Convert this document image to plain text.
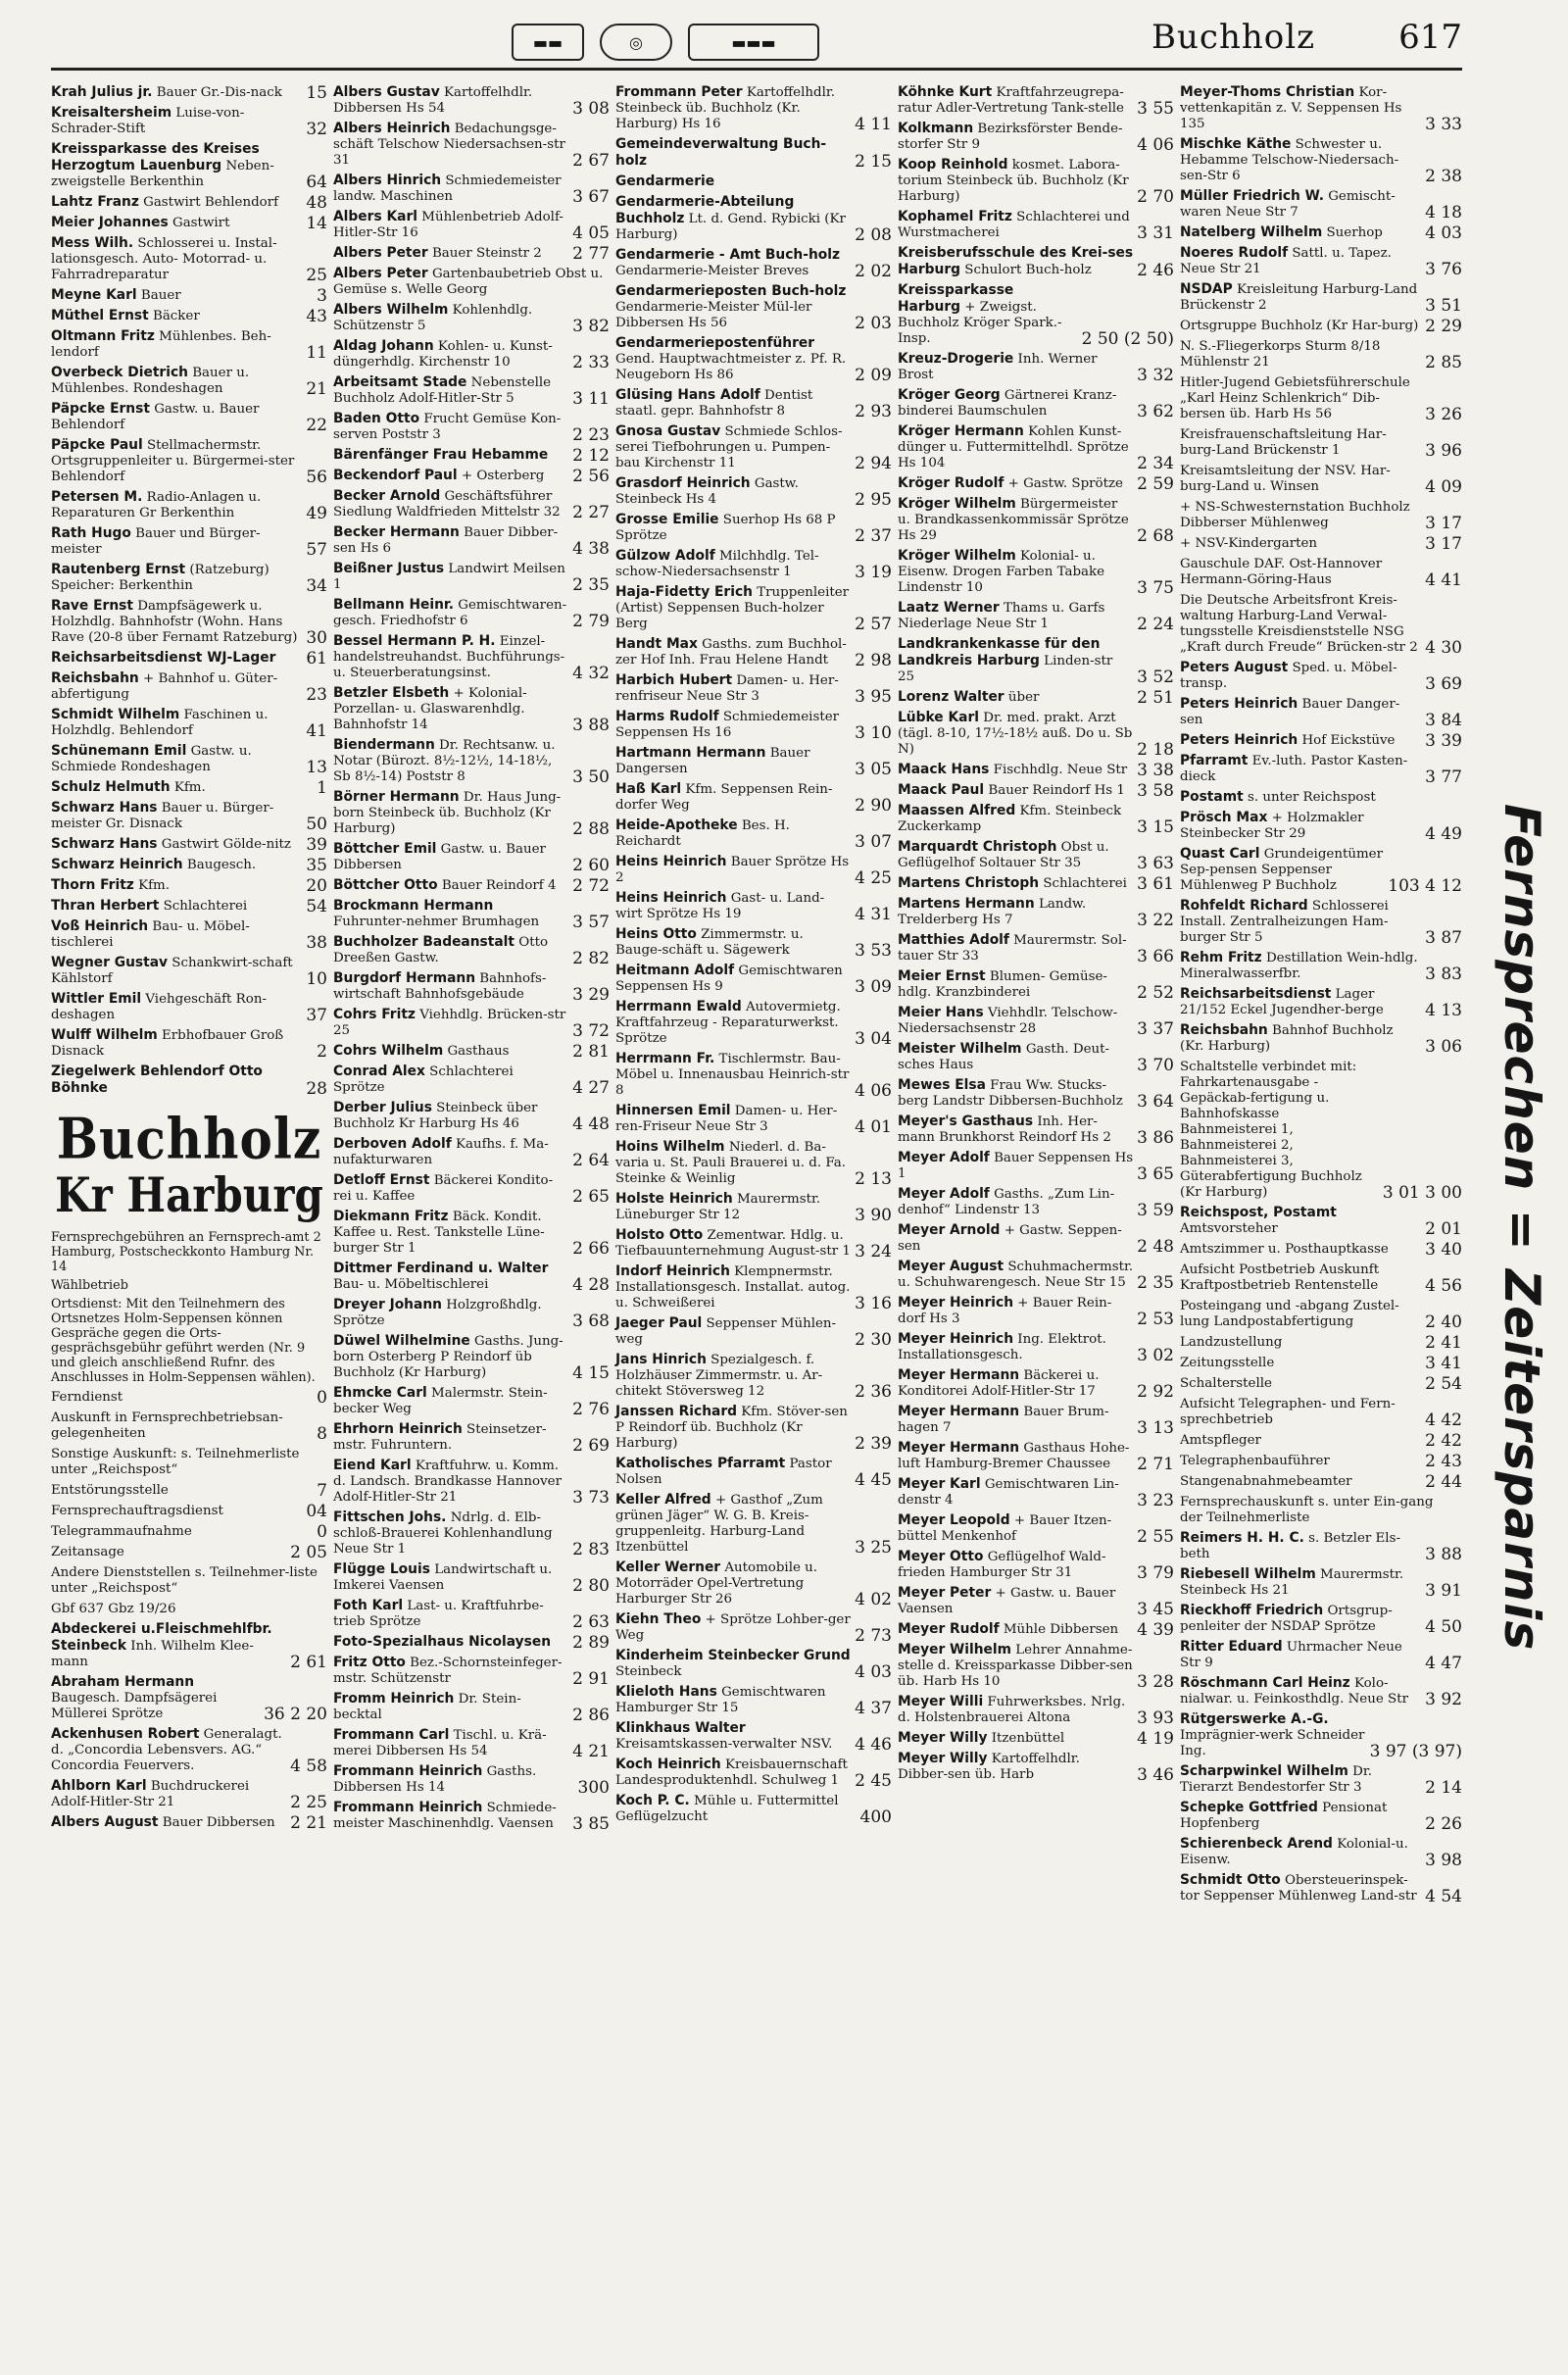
▬▬	◎	▬▬▬	Buchholz	617
Krah Julius jr. Bauer Gr.-Dis-nack	15
Kreisaltersheim Luise-von-Schrader-Stift	32
Kreissparkasse des Kreises Herzogtum Lauenburg Neben-zweigstelle Berkenthin	64
Lahtz Franz Gastwirt Behlendorf	48
Meier Johannes Gastwirt	14
Mess Wilh. Schlosserei u. Instal-lationsgesch. Auto- Motorrad- u. Fahrradreparatur	25
Meyne Karl Bauer	3
Müthel Ernst Bäcker	43
Oltmann Fritz Mühlenbes. Beh-lendorf	11
Overbeck Dietrich Bauer u. Mühlenbes. Rondeshagen	21
Päpcke Ernst Gastw. u. Bauer Behlendorf	22
Päpcke Paul Stellmachermstr. Ortsgruppenleiter u. Bürgermei-ster Behlendorf	56
Petersen M. Radio-Anlagen u. Reparaturen Gr Berkenthin	49
Rath Hugo Bauer und Bürger-meister	57
Rautenberg Ernst (Ratzeburg) Speicher: Berkenthin	34
Rave Ernst Dampfsägewerk u. Holzhdlg. Bahnhofstr (Wohn. Hans Rave (20-8 über Fernamt Ratzeburg) 30
Reichsarbeitsdienst WJ-Lager	61
Reichsbahn + Bahnhof u. Güter-abfertigung	23
Schmidt Wilhelm Faschinen u. Holzhdlg. Behlendorf	41
Schünemann Emil Gastw. u. Schmiede Rondeshagen	13
Schulz Helmuth Kfm.	1
Schwarz Hans Bauer u. Bürger-meister Gr. Disnack	50
Schwarz Hans Gastwirt Gölde-nitz 39
Schwarz Heinrich Baugesch.	35
Thorn Fritz Kfm.	20
Thran Herbert Schlachterei	54
Voß Heinrich Bau- u. Möbel-tischlerei	38
Wegner Gustav Schankwirt-schaft Kählstorf	10
Wittler Emil Viehgeschäft Ron-deshagen	37
Wulff Wilhelm Erbhofbauer Groß Disnack	2
Ziegelwerk Behlendorf Otto Böhnke	28
Buchholz
Kr Harburg
Fernsprechgebühren an Fernsprech-amt 2 Hamburg, Postscheckkonto Hamburg Nr. 14
Wählbetrieb
Ortsdienst: Mit den Teilnehmern des Ortsnetzes Holm-Seppensen können Gespräche gegen die Orts-gesprächsgebühr geführt werden (Nr. 9 und gleich anschließend Rufnr. des Anschlusses in Holm-Seppensen wählen).
Ferndienst	0
Auskunft in Fernsprechbetriebsan-gelegenheiten	8
Sonstige Auskunft: s. Teilnehmerliste unter „Reichspost“
Entstörungsstelle	7
Fernsprechauftragsdienst	04
Telegrammaufnahme	0
Zeitansage	2 05
Andere Dienststellen s. Teilnehmer-liste unter „Reichspost“
Gbf 637 Gbz 19/26
Abdeckerei u.Fleischmehlfbr. Steinbeck Inh. Wilhelm Klee-mann	2 61
Abraham Hermann Baugesch. Dampfsägerei Müllerei Sprötze	36 2 20
Ackenhusen Robert Generalagt. d. „Concordia Lebensvers. AG.“ Concordia Feuervers.	4 58
Ahlborn Karl Buchdruckerei Adolf-Hitler-Str 21	2 25
Albers August Bauer Dibbersen 2 21
Albers Gustav Kartoffelhdlr. Dibbersen Hs 54	3 08
Albers Heinrich Bedachungsge-schäft Telschow Niedersachsen-str 31	2 67
Albers Hinrich Schmiedemeister landw. Maschinen	3 67
Albers Karl Mühlenbetrieb Adolf-Hitler-Str 16	4 05
Albers Peter Bauer Steinstr 2	2 77
Albers Peter Gartenbaubetrieb Obst u. Gemüse s. Welle Georg
Albers Wilhelm Kohlenhdlg. Schützenstr 5	3 82
Aldag Johann Kohlen- u. Kunst-düngerhdlg. Kirchenstr 10	2 33
Arbeitsamt Stade Nebenstelle Buchholz Adolf-Hitler-Str 5	3 11
Baden Otto Frucht Gemüse Kon-serven Poststr 3	2 23
Bärenfänger Frau Hebamme	2 12
Beckendorf Paul + Osterberg	2 56
Becker Arnold Geschäftsführer Siedlung Waldfrieden Mittelstr 32 2 27
Becker Hermann Bauer Dibber-sen Hs 6	4 38
Beißner Justus Landwirt Meilsen 1	2 35
Bellmann Heinr. Gemischtwaren-gesch. Friedhofstr 6	2 79
Bessel Hermann P. H. Einzel-handelstreuhandst. Buchführungs- u. Steuerberatungsinst.	4 32
Betzler Elsbeth + Kolonial-Porzellan- u. Glaswarenhdlg. Bahnhofstr 14	3 88
Biendermann Dr. Rechtsanw. u. Notar (Bürozt. 8½-12½, 14-18½, Sb 8½-14) Poststr 8	3 50
Börner Hermann Dr. Haus Jung-born Steinbeck üb. Buchholz (Kr Harburg)	2 88
Böttcher Emil Gastw. u. Bauer Dibbersen	2 60
Böttcher Otto Bauer Reindorf 4 2 72
Brockmann Hermann Fuhrunter-nehmer Brumhagen	3 57
Buchholzer Badeanstalt Otto Dreeßen Gastw.	2 82
Burgdorf Hermann Bahnhofs-wirtschaft Bahnhofsgebäude	3 29
Cohrs Fritz Viehhdlg. Brücken-str 25	3 72
Cohrs Wilhelm Gasthaus	2 81
Conrad Alex Schlachterei Sprötze	4 27
Derber Julius Steinbeck über Buchholz Kr Harburg Hs 46	4 48
Derboven Adolf Kaufhs. f. Ma-nufakturwaren	2 64
Detloff Ernst Bäckerei Kondito-rei u. Kaffee	2 65
Diekmann Fritz Bäck. Kondit. Kaffee u. Rest. Tankstelle Lüne-burger Str 1	2 66
Dittmer Ferdinand u. Walter Bau- u. Möbeltischlerei	4 28
Dreyer Johann Holzgroßhdlg. Sprötze	3 68
Düwel Wilhelmine Gasths. Jung-born Osterberg P Reindorf üb Buchholz (Kr Harburg)	4 15
Ehmcke Carl Malermstr. Stein-becker Weg	2 76
Ehrhorn Heinrich Steinsetzer-mstr. Fuhruntern.	2 69
Eiend Karl Kraftfuhrw. u. Komm. d. Landsch. Brandkasse Hannover Adolf-Hitler-Str 21	3 73
Fittschen Johs. Ndrlg. d. Elb-schloß-Brauerei Kohlenhandlung Neue Str 1	2 83
Flügge Louis Landwirtschaft u. Imkerei Vaensen	2 80
Foth Karl Last- u. Kraftfuhrbe-trieb Sprötze	2 63
Foto-Spezialhaus Nicolaysen	2 89
Fritz Otto Bez.-Schornsteinfeger-mstr. Schützenstr	2 91
Fromm Heinrich Dr. Stein-becktal	2 86
Frommann Carl Tischl. u. Krä-merei Dibbersen Hs 54	4 21
Frommann Heinrich Gasths. Dibbersen Hs 14	300
Frommann Heinrich Schmiede-meister Maschinenhdlg. Vaensen	3 85
Frommann Peter Kartoffelhdlr. Steinbeck üb. Buchholz (Kr. Harburg) Hs 16	4 11
Gemeindeverwaltung Buch-holz	2 15
Gendarmerie
Gendarmerie-Abteilung Buchholz Lt. d. Gend. Rybicki (Kr Harburg)	2 08
Gendarmerie - Amt Buch-holz Gendarmerie-Meister Breves	2 02
Gendarmerieposten Buch-holz Gendarmerie-Meister Mül-ler Dibbersen Hs 56	2 03
Gendarmeriepostenführer Gend. Hauptwachtmeister z. Pf. R. Neugeborn Hs 86	2 09
Glüsing Hans Adolf Dentist staatl. gepr. Bahnhofstr 8	2 93
Gnosa Gustav Schmiede Schlos-serei Tiefbohrungen u. Pumpen-bau Kirchenstr 11	2 94
Grasdorf Heinrich Gastw. Steinbeck Hs 4	2 95
Grosse Emilie Suerhop Hs 68 P Sprötze	2 37
Gülzow Adolf Milchhdlg. Tel-schow-Niedersachsenstr 1	3 19
Haja-Fidetty Erich Truppenleiter (Artist) Seppensen Buch-holzer Berg	2 57
Handt Max Gasths. zum Buchhol-zer Hof Inh. Frau Helene Handt	2 98
Harbich Hubert Damen- u. Her-renfriseur Neue Str 3	3 95
Harms Rudolf Schmiedemeister Seppensen Hs 16	3 10
Hartmann Hermann Bauer Dangersen	3 05
Haß Karl Kfm. Seppensen Rein-dorfer Weg	2 90
Heide-Apotheke Bes. H. Reichardt	3 07
Heins Heinrich Bauer Sprötze Hs 2	4 25
Heins Heinrich Gast- u. Land-wirt Sprötze Hs 19	4 31
Heins Otto Zimmermstr. u. Bauge-schäft u. Sägewerk	3 53
Heitmann Adolf Gemischtwaren Seppensen Hs 9	3 09
Herrmann Ewald Autovermietg. Kraftfahrzeug - Reparaturwerkst. Sprötze	3 04
Herrmann Fr. Tischlermstr. Bau-Möbel u. Innenausbau Heinrich-str 8	4 06
Hinnersen Emil Damen- u. Her-ren-Friseur Neue Str 3	4 01
Hoins Wilhelm Niederl. d. Ba-varia u. St. Pauli Brauerei u. d. Fa. Steinke & Weinlig	2 13
Holste Heinrich Maurermstr. Lüneburger Str 12	3 90
Holsto Otto Zementwar. Hdlg. u. Tiefbauunternehmung August-str 1 3 24
Indorf Heinrich Klempnermstr. Installationsgesch. Installat. autog. u. Schweißerei	3 16
Jaeger Paul Seppenser Mühlen-weg	2 30
Jans Hinrich Spezialgesch. f. Holzhäuser Zimmermstr. u. Ar-chitekt Stöversweg 12	2 36
Janssen Richard Kfm. Stöver-sen P Reindorf üb. Buchholz (Kr Harburg)	2 39
Katholisches Pfarramt Pastor Nolsen	4 45
Keller Alfred + Gasthof „Zum grünen Jäger“ W. G. B. Kreis-gruppenleitg. Harburg-Land Itzenbüttel	3 25
Keller Werner Automobile u. Motorräder Opel-Vertretung Harburger Str 26	4 02
Kiehn Theo + Sprötze Lohber-ger Weg	2 73
Kinderheim Steinbecker Grund Steinbeck	4 03
Klieloth Hans Gemischtwaren Hamburger Str 15	4 37
Klinkhaus Walter Kreisamtskassen-verwalter NSV.	4 46
Koch Heinrich Kreisbauernschaft Landesproduktenhdl. Schulweg 1 2 45
Koch P. C. Mühle u. Futtermittel Geflügelzucht	400
Köhnke Kurt Kraftfahrzeugrepa-ratur Adler-Vertretung Tank-stelle 3 55
Kolkmann Bezirksförster Bende-storfer Str 9	4 06
Koop Reinhold kosmet. Labora-torium Steinbeck üb. Buchholz (Kr Harburg)	2 70
Kophamel Fritz Schlachterei und Wurstmacherei	3 31
Kreisberufsschule des Krei-ses Harburg Schulort Buch-holz	2 46
Kreissparkasse Harburg + Zweigst. Buchholz Kröger Spark.-Insp.	2 50 (2 50)
Kreuz-Drogerie Inh. Werner Brost	3 32
Kröger Georg Gärtnerei Kranz-binderei Baumschulen	3 62
Kröger Hermann Kohlen Kunst-dünger u. Futtermittelhdl. Sprötze Hs 104	2 34
Kröger Rudolf + Gastw. Sprötze 2 59
Kröger Wilhelm Bürgermeister u. Brandkassenkommissär Sprötze Hs 29	2 68
Kröger Wilhelm Kolonial- u. Eisenw. Drogen Farben Tabake Lindenstr 10	3 75
Laatz Werner Thams u. Garfs Niederlage Neue Str 1	2 24
Landkrankenkasse für den Landkreis Harburg Linden-str 25	3 52
Lorenz Walter über	2 51
Lübke Karl Dr. med. prakt. Arzt (tägl. 8-10, 17½-18½ auß. Do u. Sb N)	2 18
Maack Hans Fischhdlg. Neue Str 3 38
Maack Paul Bauer Reindorf Hs 1 3 58
Maassen Alfred Kfm. Steinbeck Zuckerkamp	3 15
Marquardt Christoph Obst u. Geflügelhof Soltauer Str 35	3 63
Martens Christoph Schlachterei 3 61
Martens Hermann Landw. Trelderberg Hs 7	3 22
Matthies Adolf Maurermstr. Sol-tauer Str 33	3 66
Meier Ernst Blumen- Gemüse-hdlg. Kranzbinderei	2 52
Meier Hans Viehhdlr. Telschow-Niedersachsenstr 28	3 37
Meister Wilhelm Gasth. Deut-sches Haus	3 70
Mewes Elsa Frau Ww. Stucks-berg Landstr Dibbersen-Buchholz 3 64
Meyer's Gasthaus Inh. Her-mann Brunkhorst Reindorf Hs 2	3 86
Meyer Adolf Bauer Seppensen Hs 1	3 65
Meyer Adolf Gasths. „Zum Lin-denhof“ Lindenstr 13	3 59
Meyer Arnold + Gastw. Seppen-sen	2 48
Meyer August Schuhmachermstr. u. Schuhwarengesch. Neue Str 15 2 35
Meyer Heinrich + Bauer Rein-dorf Hs 3	2 53
Meyer Heinrich Ing. Elektrot. Installationsgesch.	3 02
Meyer Hermann Bäckerei u. Konditorei Adolf-Hitler-Str 17	2 92
Meyer Hermann Bauer Brum-hagen 7	3 13
Meyer Hermann Gasthaus Hohe-luft Hamburg-Bremer Chaussee	2 71
Meyer Karl Gemischtwaren Lin-denstr 4	3 23
Meyer Leopold + Bauer Itzen-büttel Menkenhof	2 55
Meyer Otto Geflügelhof Wald-frieden Hamburger Str 31	3 79
Meyer Peter + Gastw. u. Bauer Vaensen	3 45
Meyer Rudolf Mühle Dibbersen	4 39
Meyer Wilhelm Lehrer Annahme-stelle d. Kreissparkasse Dibber-sen üb. Harb Hs 10	3 28
Meyer Willi Fuhrwerksbes. Nrlg. d. Holstenbrauerei Altona	3 93
Meyer Willy Itzenbüttel	4 19
Meyer Willy Kartoffelhdlr. Dibber-sen üb. Harb	3 46
Meyer-Thoms Christian Kor-vettenkapitän z. V. Seppensen Hs 135	3 33
Mischke Käthe Schwester u. Hebamme Telschow-Niedersach-sen-Str 6	2 38
Müller Friedrich W. Gemischt-waren Neue Str 7	4 18
Natelberg Wilhelm Suerhop	4 03
Noeres Rudolf Sattl. u. Tapez. Neue Str 21	3 76
NSDAP Kreisleitung Harburg-Land Brückenstr 2	3 51
Ortsgruppe Buchholz (Kr Har-burg) 2 29
N. S.-Fliegerkorps Sturm 8/18 Mühlenstr 21	2 85
Hitler-Jugend Gebietsführerschule „Karl Heinz Schlenkrich“ Dib-bersen üb. Harb Hs 56	3 26
Kreisfrauenschaftsleitung Har-burg-Land Brückenstr 1	3 96
Kreisamtsleitung der NSV. Har-burg-Land u. Winsen	4 09
+ NS-Schwesternstation Buchholz Dibberser Mühlenweg	3 17
+ NSV-Kindergarten	3 17
Gauschule DAF. Ost-Hannover Hermann-Göring-Haus	4 41
Die Deutsche Arbeitsfront Kreis-waltung Harburg-Land Verwal-tungsstelle Kreisdienststelle NSG „Kraft durch Freude“ Brücken-str 2 4 30
Peters August Sped. u. Möbel-transp.	3 69
Peters Heinrich Bauer Danger-sen	3 84
Peters Heinrich Hof Eickstüve	3 39
Pfarramt Ev.-luth. Pastor Kasten-dieck	3 77
Postamt s. unter Reichspost
Prösch Max + Holzmakler Steinbecker Str 29	4 49
Quast Carl Grundeigentümer Sep-pensen Seppenser Mühlenweg P Buchholz	103 4 12
Rohfeldt Richard Schlosserei Install. Zentralheizungen Ham-burger Str 5	3 87
Rehm Fritz Destillation Wein-hdlg. Mineralwasserfbr.	3 83
Reichsarbeitsdienst Lager 21/152 Eckel Jugendher-berge	4 13
Reichsbahn Bahnhof Buchholz (Kr. Harburg)	3 06
Schaltstelle verbindet mit: Fahrkartenausgabe - Gepäckab-fertigung u. Bahnhofskasse Bahnmeisterei 1, Bahnmeisterei 2, Bahnmeisterei 3, Güterabfertigung Buchholz (Kr Harburg)	3 01 3 00
Reichspost, Postamt Amtsvorsteher	2 01
Amtszimmer u. Posthauptkasse	3 40
Aufsicht Postbetrieb Auskunft Kraftpostbetrieb Rentenstelle	4 56
Posteingang und -abgang Zustel-lung Landpostabfertigung	2 40
Landzustellung	2 41
Zeitungsstelle	3 41
Schalterstelle	2 54
Aufsicht Telegraphen- und Fern-sprechbetrieb	4 42
Amtspfleger	2 42
Telegraphenbauführer	2 43
Stangenabnahmebeamter	2 44
Fernsprechauskunft s. unter Ein-gang der Teilnehmerliste
Reimers H. H. C. s. Betzler Els-beth	3 88
Riebesell Wilhelm Maurermstr. Steinbeck Hs 21	3 91
Rieckhoff Friedrich Ortsgrup-penleiter der NSDAP Sprötze	4 50
Ritter Eduard Uhrmacher Neue Str 9	4 47
Röschmann Carl Heinz Kolo-nialwar. u. Feinkosthdlg. Neue Str	3 92
Rütgerswerke A.-G. Imprägnier-werk Schneider Ing.	3 97 (3 97)
Scharpwinkel Wilhelm Dr. Tierarzt Bendestorfer Str 3	2 14
Schepke Gottfried Pensionat Hopfenberg	2 26
Schierenbeck Arend Kolonial-u. Eisenw.	3 98
Schmidt Otto Obersteuerinspek-tor Seppenser Mühlenweg Land-str 4 54
Fernsprechen = Zeitersparnis
